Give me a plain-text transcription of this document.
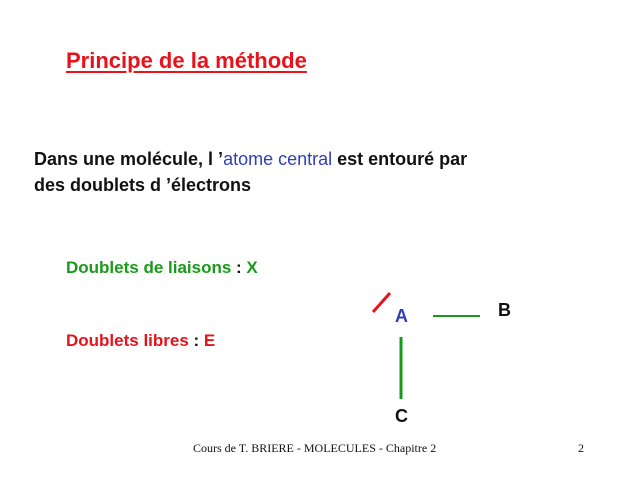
Principe de la méthode
Dans une molécule, l ’atome central est entouré par
des doublets d ’électrons
Doublets de liaisons : X
Doublets libres : E
A	B
C
Cours de T. BRIERE - MOLECULES - Chapitre 2	2
